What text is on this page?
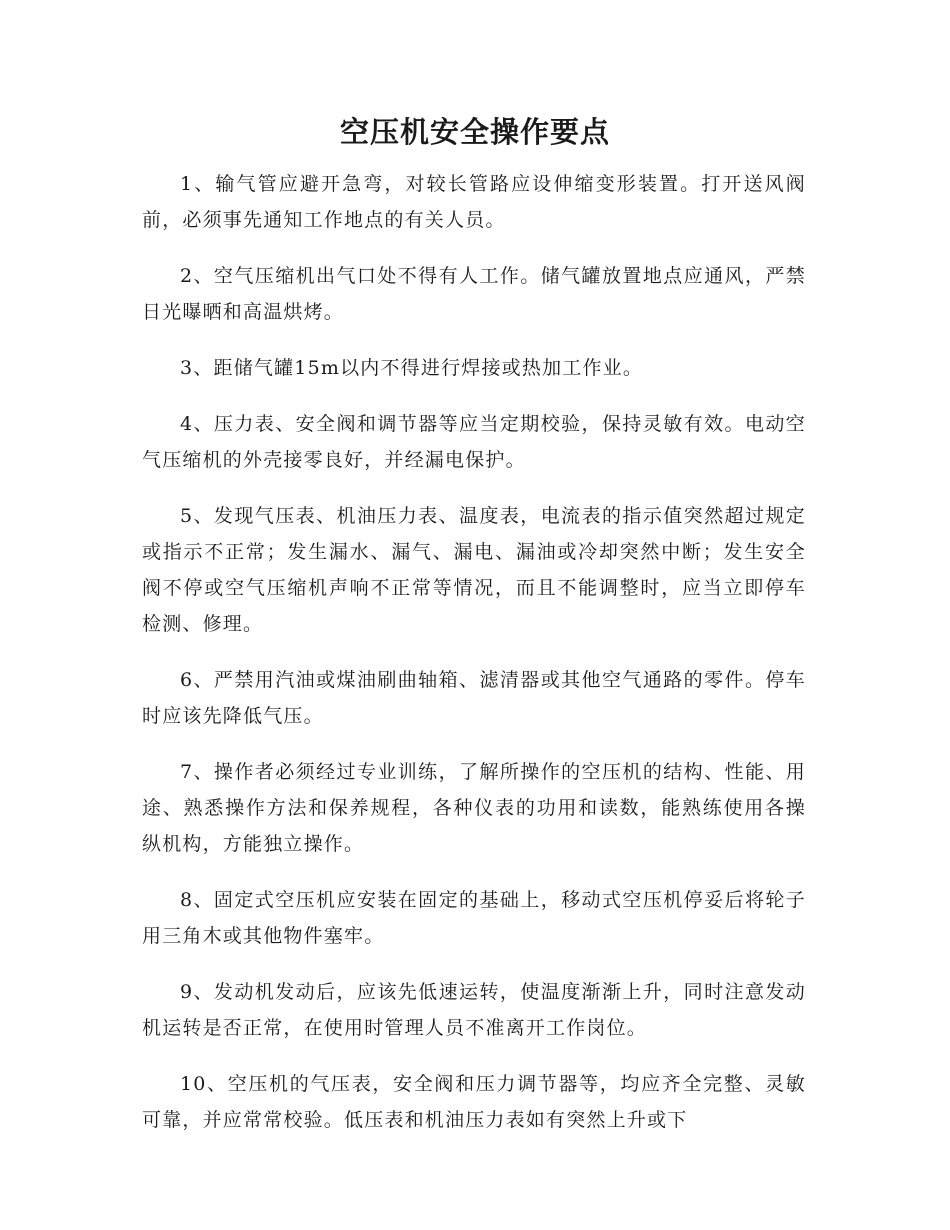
空压机安全操作要点

1、输气管应避开急弯，对较长管路应设伸缩变形装置。打开送风阀前，必须事先通知工作地点的有关人员。

2、空气压缩机出气口处不得有人工作。储气罐放置地点应通风，严禁日光曝晒和高温烘烤。

3、距储气罐15m以内不得进行焊接或热加工作业。

4、压力表、安全阀和调节器等应当定期校验，保持灵敏有效。电动空气压缩机的外壳接零良好，并经漏电保护。

5、发现气压表、机油压力表、温度表，电流表的指示值突然超过规定或指示不正常；发生漏水、漏气、漏电、漏油或冷却突然中断；发生安全阀不停或空气压缩机声响不正常等情况，而且不能调整时，应当立即停车检测、修理。

6、严禁用汽油或煤油刷曲轴箱、滤清器或其他空气通路的零件。停车时应该先降低气压。

7、操作者必须经过专业训练，了解所操作的空压机的结构、性能、用途、熟悉操作方法和保养规程，各种仪表的功用和读数，能熟练使用各操纵机构，方能独立操作。

8、固定式空压机应安装在固定的基础上，移动式空压机停妥后将轮子用三角木或其他物件塞牢。

9、发动机发动后，应该先低速运转，使温度渐渐上升，同时注意发动机运转是否正常，在使用时管理人员不准离开工作岗位。

10、空压机的气压表，安全阀和压力调节器等，均应齐全完整、灵敏可靠，并应常常校验。低压表和机油压力表如有突然上升或下
